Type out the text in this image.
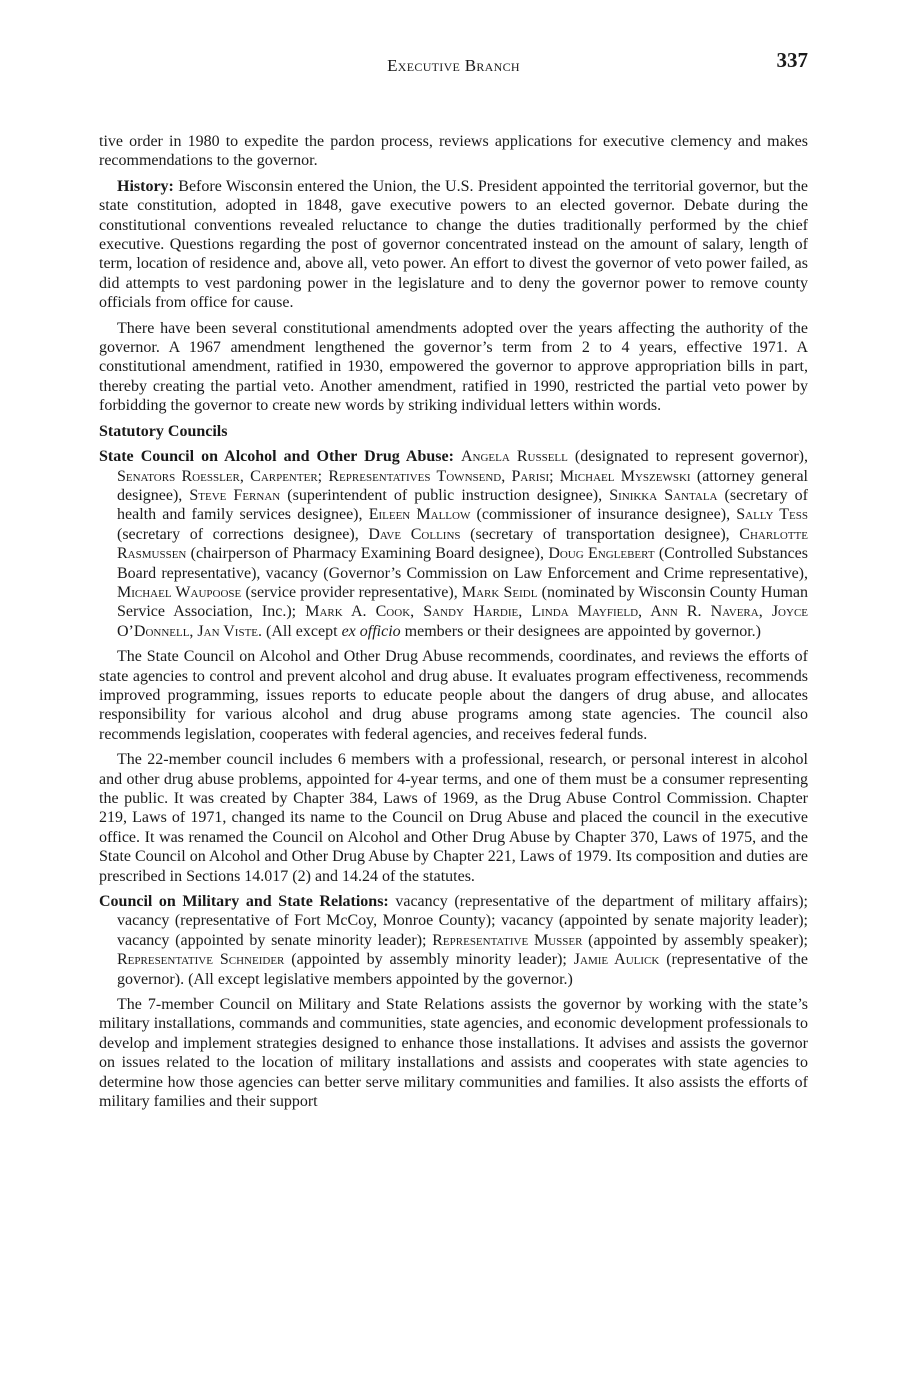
Executive Branch	337

tive order in 1980 to expedite the pardon process, reviews applications for executive clemency and makes recommendations to the governor.

History: Before Wisconsin entered the Union, the U.S. President appointed the territorial governor, but the state constitution, adopted in 1848, gave executive powers to an elected governor. Debate during the constitutional conventions revealed reluctance to change the duties traditionally performed by the chief executive. Questions regarding the post of governor concentrated instead on the amount of salary, length of term, location of residence and, above all, veto power. An effort to divest the governor of veto power failed, as did attempts to vest pardoning power in the legislature and to deny the governor power to remove county officials from office for cause.

There have been several constitutional amendments adopted over the years affecting the authority of the governor. A 1967 amendment lengthened the governor’s term from 2 to 4 years, effective 1971. A constitutional amendment, ratified in 1930, empowered the governor to approve appropriation bills in part, thereby creating the partial veto. Another amendment, ratified in 1990, restricted the partial veto power by forbidding the governor to create new words by striking individual letters within words.

Statutory Councils

State Council on Alcohol and Other Drug Abuse: Angela Russell (designated to represent governor), Senators Roessler, Carpenter; Representatives Townsend, Parisi; Michael Myszewski (attorney general designee), Steve Fernan (superintendent of public instruction designee), Sinikka Santala (secretary of health and family services designee), Eileen Mallow (commissioner of insurance designee), Sally Tess (secretary of corrections designee), Dave Collins (secretary of transportation designee), Charlotte Rasmussen (chairperson of Pharmacy Examining Board designee), Doug Englebert (Controlled Substances Board representative), vacancy (Governor’s Commission on Law Enforcement and Crime representative), Michael Waupoose (service provider representative), Mark Seidl (nominated by Wisconsin County Human Service Association, Inc.); Mark A. Cook, Sandy Hardie, Linda Mayfield, Ann R. Navera, Joyce O’Donnell, Jan Viste. (All except ex officio members or their designees are appointed by governor.)

The State Council on Alcohol and Other Drug Abuse recommends, coordinates, and reviews the efforts of state agencies to control and prevent alcohol and drug abuse. It evaluates program effectiveness, recommends improved programming, issues reports to educate people about the dangers of drug abuse, and allocates responsibility for various alcohol and drug abuse programs among state agencies. The council also recommends legislation, cooperates with federal agencies, and receives federal funds.

The 22-member council includes 6 members with a professional, research, or personal interest in alcohol and other drug abuse problems, appointed for 4-year terms, and one of them must be a consumer representing the public. It was created by Chapter 384, Laws of 1969, as the Drug Abuse Control Commission. Chapter 219, Laws of 1971, changed its name to the Council on Drug Abuse and placed the council in the executive office. It was renamed the Council on Alcohol and Other Drug Abuse by Chapter 370, Laws of 1975, and the State Council on Alcohol and Other Drug Abuse by Chapter 221, Laws of 1979. Its composition and duties are prescribed in Sections 14.017 (2) and 14.24 of the statutes.

Council on Military and State Relations: vacancy (representative of the department of military affairs); vacancy (representative of Fort McCoy, Monroe County); vacancy (appointed by senate majority leader); vacancy (appointed by senate minority leader); Representative Musser (appointed by assembly speaker); Representative Schneider (appointed by assembly minority leader); Jamie Aulick (representative of the governor). (All except legislative members appointed by the governor.)

The 7-member Council on Military and State Relations assists the governor by working with the state’s military installations, commands and communities, state agencies, and economic development professionals to develop and implement strategies designed to enhance those installations. It advises and assists the governor on issues related to the location of military installations and assists and cooperates with state agencies to determine how those agencies can better serve military communities and families. It also assists the efforts of military families and their support
